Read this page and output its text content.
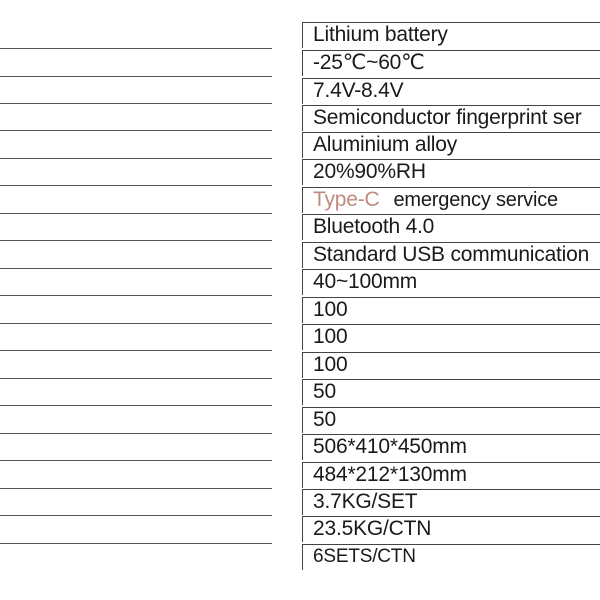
Lithium battery
-25℃~60℃
7.4V-8.4V
Semiconductor fingerprint ser
Aluminium alloy
20%90%RH
Type-C emergency service
Bluetooth 4.0
Standard USB communication
40~100mm
100
100
100
50
50
506*410*450mm
484*212*130mm
3.7KG/SET
23.5KG/CTN
6SETS/CTN
